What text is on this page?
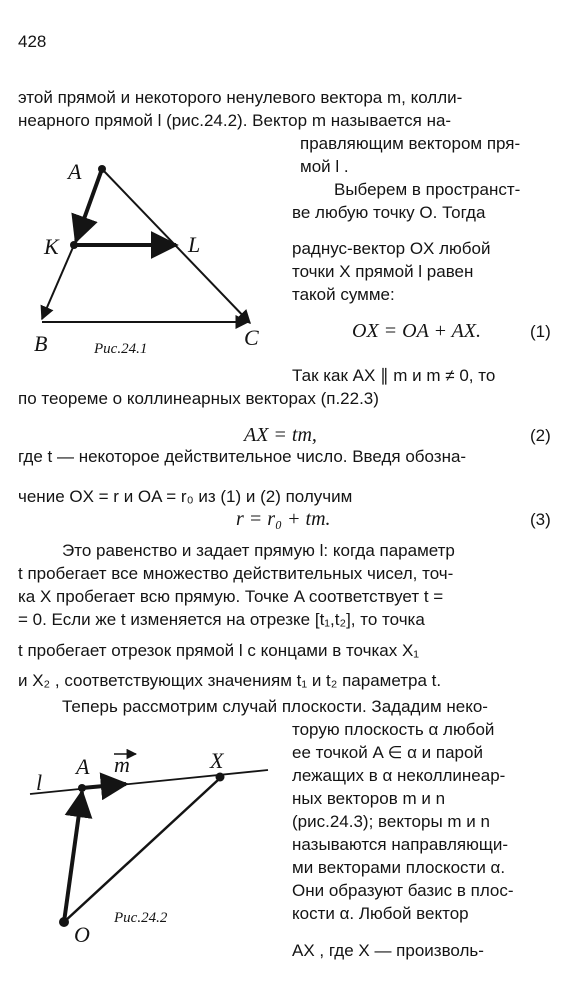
428
этой прямой и некоторого ненулевого вектора m, колли-
неарного прямой l (рис.24.2). Вектор m называется на-
A
K	L
B	C
Рис.24.1
правляющим вектором пря-
мой l .
Выберем в пространст-
ве любую точку O. Тогда
раднус-вектор OX любой
точки X прямой l равен
такой сумме:
OX = OA + AX.	(1)
Так как AX ∥ m и m ≠ 0, то
по теореме о коллинеарных векторах (п.22.3)
AX = tm,	(2)
где t — некоторое действительное число. Введя обозна-
чение OX = r и OA = r₀ из (1) и (2) получим
r = r₀ + tm.	(3)
Это равенство и задает прямую l: когда параметр
t пробегает все множество действительных чисел, точ-
ка X пробегает всю прямую. Точке A соответствует t =
= 0. Если же t изменяется на отрезке [t₁,t₂], то точка
t пробегает отрезок прямой l с концами в точках X₁
и X₂ , соответствующих значениям t₁ и t₂ параметра t.
Теперь рассмотрим случай плоскости. Зададим неко-
l
A m	X
O
Рис.24.2
торую плоскость α любой
ее точкой A ∈ α и парой
лежащих в α неколлинеар-
ных векторов m и n
(рис.24.3); векторы m и n
называются направляющи-
ми векторами плоскости α.
Они образуют базис в плос-
кости α. Любой вектор
AX , где X — произволь-
